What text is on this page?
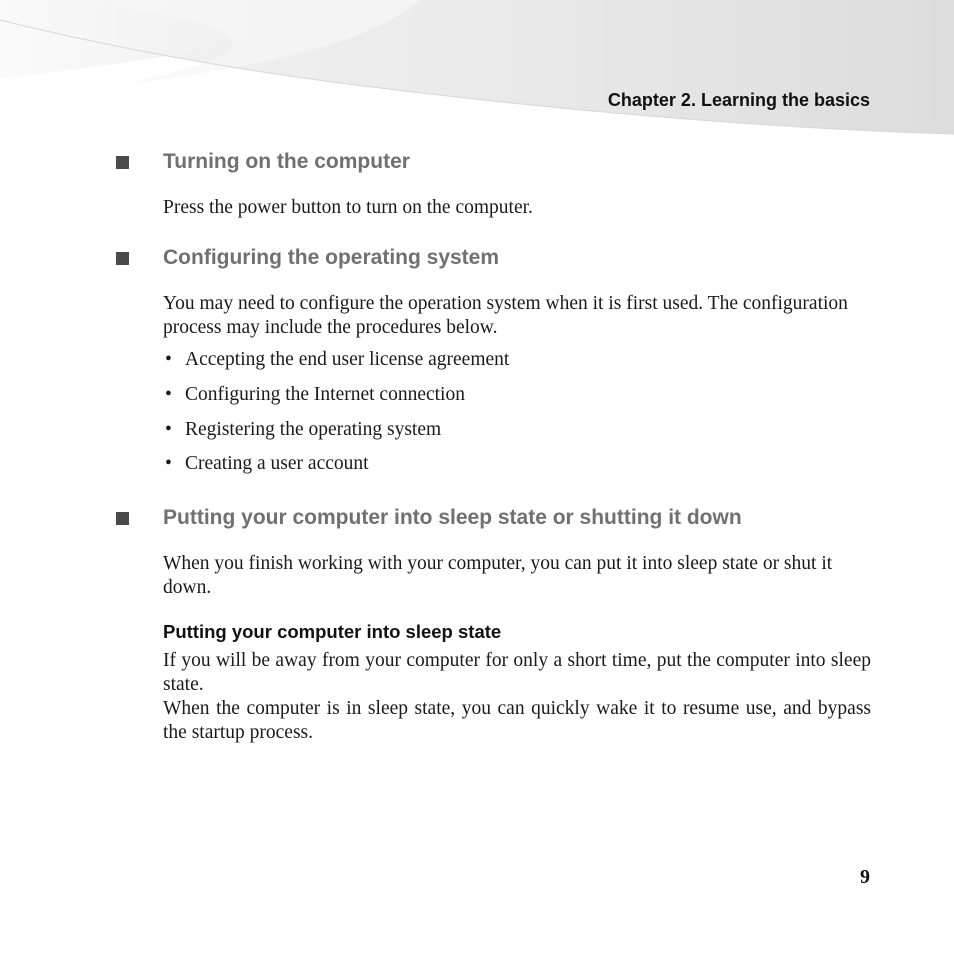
Chapter 2. Learning the basics
Turning on the computer

Press the power button to turn on the computer.

Configuring the operating system

You may need to configure the operation system when it is first used. The configuration process may include the procedures below.

• Accepting the end user license agreement
• Configuring the Internet connection
• Registering the operating system
• Creating a user account
Putting your computer into sleep state or shutting it down

When you finish working with your computer, you can put it into sleep state or shut it down.

Putting your computer into sleep state

If you will be away from your computer for only a short time, put the computer into sleep state.

When the computer is in sleep state, you can quickly wake it to resume use, and bypass the startup process.

9
